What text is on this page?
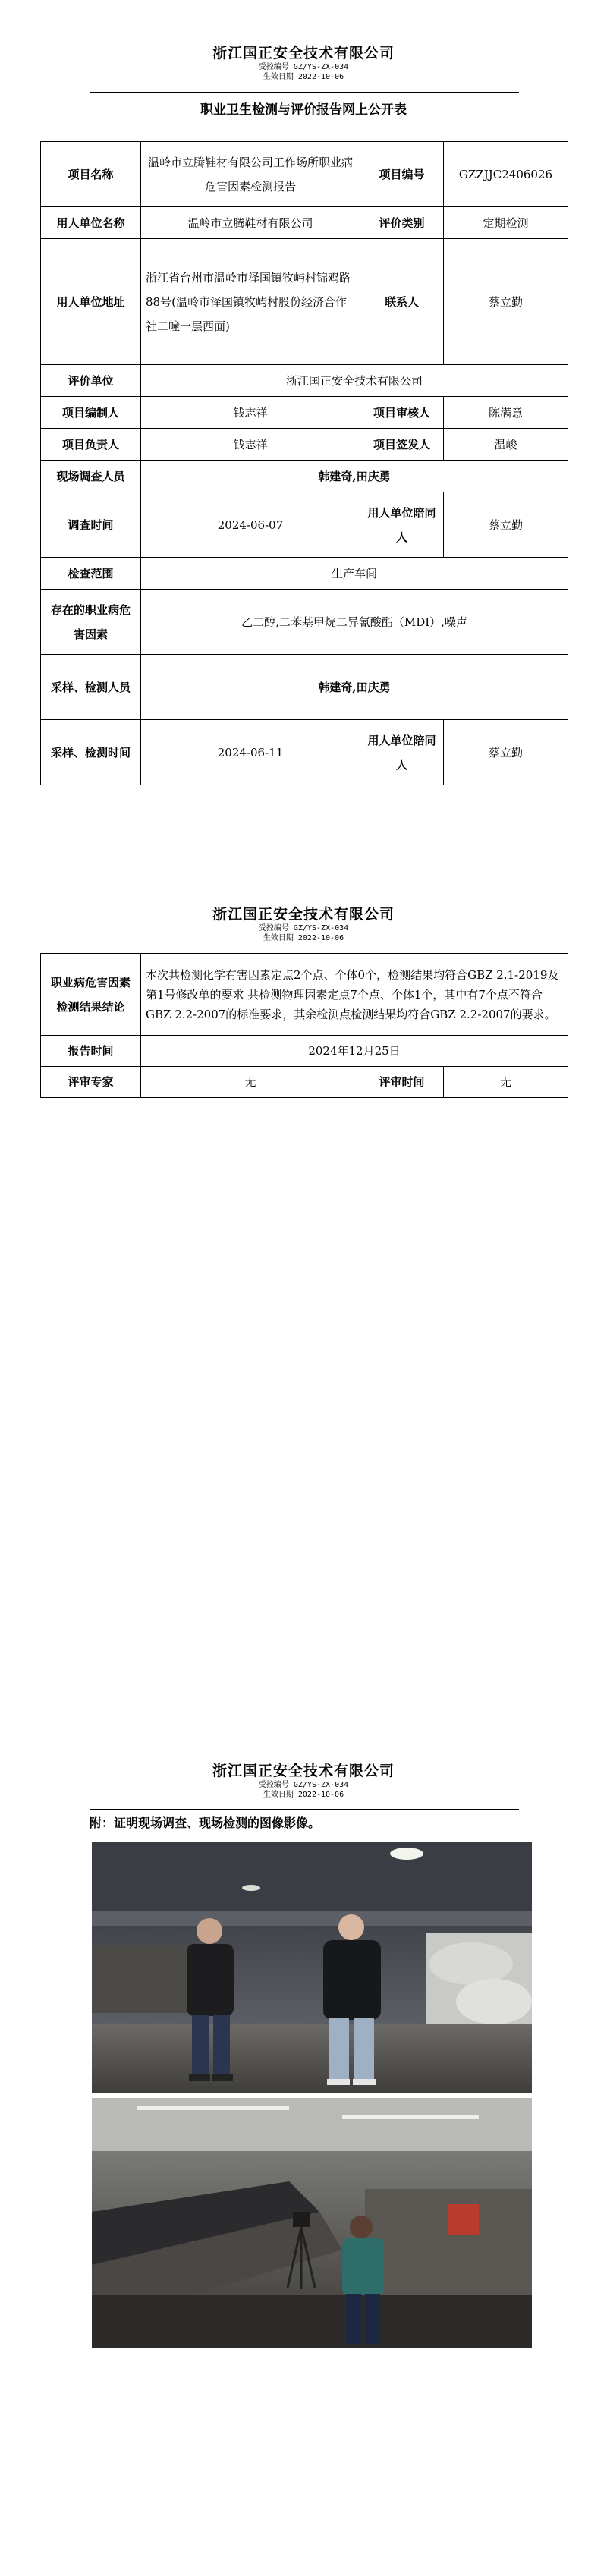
浙江国正安全技术有限公司
受控编号 GZ/YS-ZX-034
生效日期 2022-10-06
职业卫生检测与评价报告网上公开表
项目名称	温岭市立腾鞋材有限公司工作场所职业病危害因素检测报告	项目编号	GZZJJC2406026
用人单位名称	温岭市立腾鞋材有限公司	评价类别	定期检测
用人单位地址	浙江省台州市温岭市泽国镇牧屿村锦鸡路88号(温岭市泽国镇牧屿村股份经济合作社二幢一层西面)	联系人	蔡立勤
评价单位	浙江国正安全技术有限公司		
项目编制人	钱志祥	项目审核人	陈满意
项目负责人	钱志祥	项目签发人	温峻
现场调查人员	韩建奇,田庆勇		
调查时间	2024-06-07	用人单位陪同人	蔡立勤
检查范围	生产车间		
存在的职业病危害因素	乙二醇,二苯基甲烷二异氰酸酯（MDI）,噪声		
采样、检测人员	韩建奇,田庆勇		
采样、检测时间	2024-06-11	用人单位陪同人	蔡立勤
浙江国正安全技术有限公司
受控编号 GZ/YS-ZX-034
生效日期 2022-10-06
职业病危害因素检测结果结论	本次共检测化学有害因素定点2个点、个体0个，检测结果均符合GBZ 2.1-2019及第1号修改单的要求 共检测物理因素定点7个点、个体1个，其中有7个点不符合GBZ 2.2-2007的标准要求，其余检测点检测结果均符合GBZ 2.2-2007的要求。		
报告时间	2024年12月25日		
评审专家	无	评审时间	无
浙江国正安全技术有限公司
受控编号 GZ/YS-ZX-034
生效日期 2022-10-06
附：证明现场调查、现场检测的图像影像。
